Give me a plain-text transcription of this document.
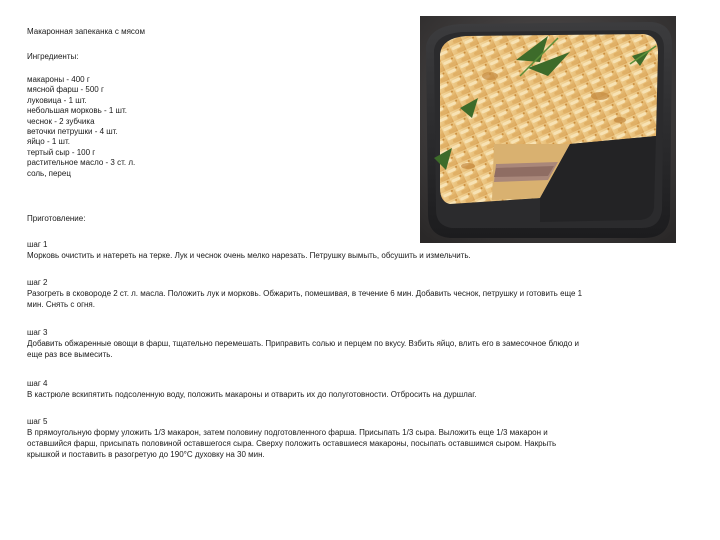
Макаронная запеканка с мясом
Ингредиенты:
макароны - 400 г
мясной фарш - 500 г
луковица - 1 шт.
небольшая морковь - 1 шт.
чеснок - 2 зубчика
веточки петрушки - 4 шт.
яйцо - 1 шт.
тертый сыр - 100 г
растительное масло - 3 ст. л.
соль, перец
Приготовление:
шаг 1
Морковь очистить и натереть на терке. Лук и чеснок очень мелко нарезать. Петрушку вымыть, обсушить и измельчить.
шаг 2
Разогреть в сковороде 2 ст. л. масла. Положить лук и морковь. Обжарить, помешивая, в течение 6 мин. Добавить чеснок, петрушку и готовить еще 1 мин. Снять с огня.
шаг 3
Добавить обжаренные овощи в фарш, тщательно перемешать. Приправить солью и перцем по вкусу. Взбить яйцо, влить его в замесочное блюдо и еще раз все вымесить.
шаг 4
В кастрюле вскипятить подсоленную воду, положить макароны и отварить их до полуготовности. Отбросить на дуршлаг.
шаг 5
В прямоугольную форму уложить 1/3 макарон, затем половину подготовленного фарша. Присыпать 1/3 сыра. Выложить еще 1/3 макарон и оставшийся фарш, присыпать половиной оставшегося сыра. Сверху положить оставшиеся макароны, посыпать оставшимся сыром. Накрыть крышкой и поставить в разогретую до 190°С духовку на 30 мин.
